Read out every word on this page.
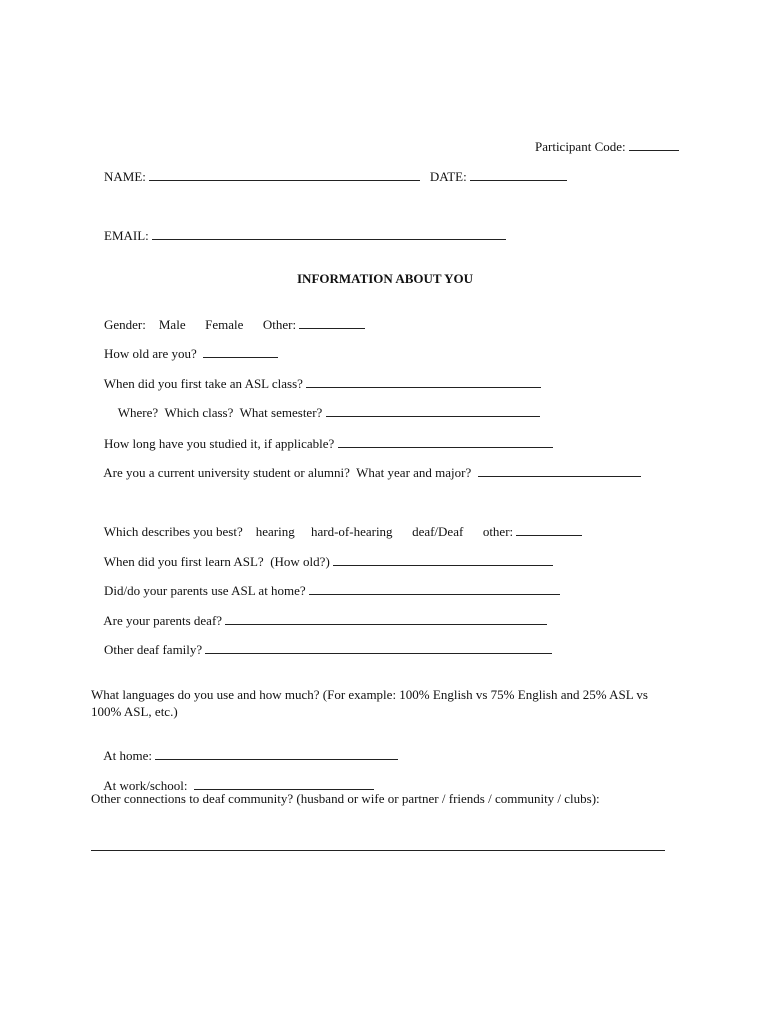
Participant Code:

NAME:	DATE:

EMAIL:

INFORMATION ABOUT YOU

Gender: Male Female Other:

How old are you?

When did you first take an ASL class?

Where?  Which class?  What semester?

How long have you studied it, if applicable?

Are you a current university student or alumni?  What year and major?

Which describes you best? hearing hard-of-hearing deaf/Deaf other:

When did you first learn ASL?  (How old?)

Did/do your parents use ASL at home?

Are your parents deaf?

Other deaf family?

What languages do you use and how much? (For example: 100% English vs 75% English and 25% ASL vs 100% ASL, etc.)

At home:

At work/school:

Other connections to deaf community? (husband or wife or partner / friends / community / clubs):
